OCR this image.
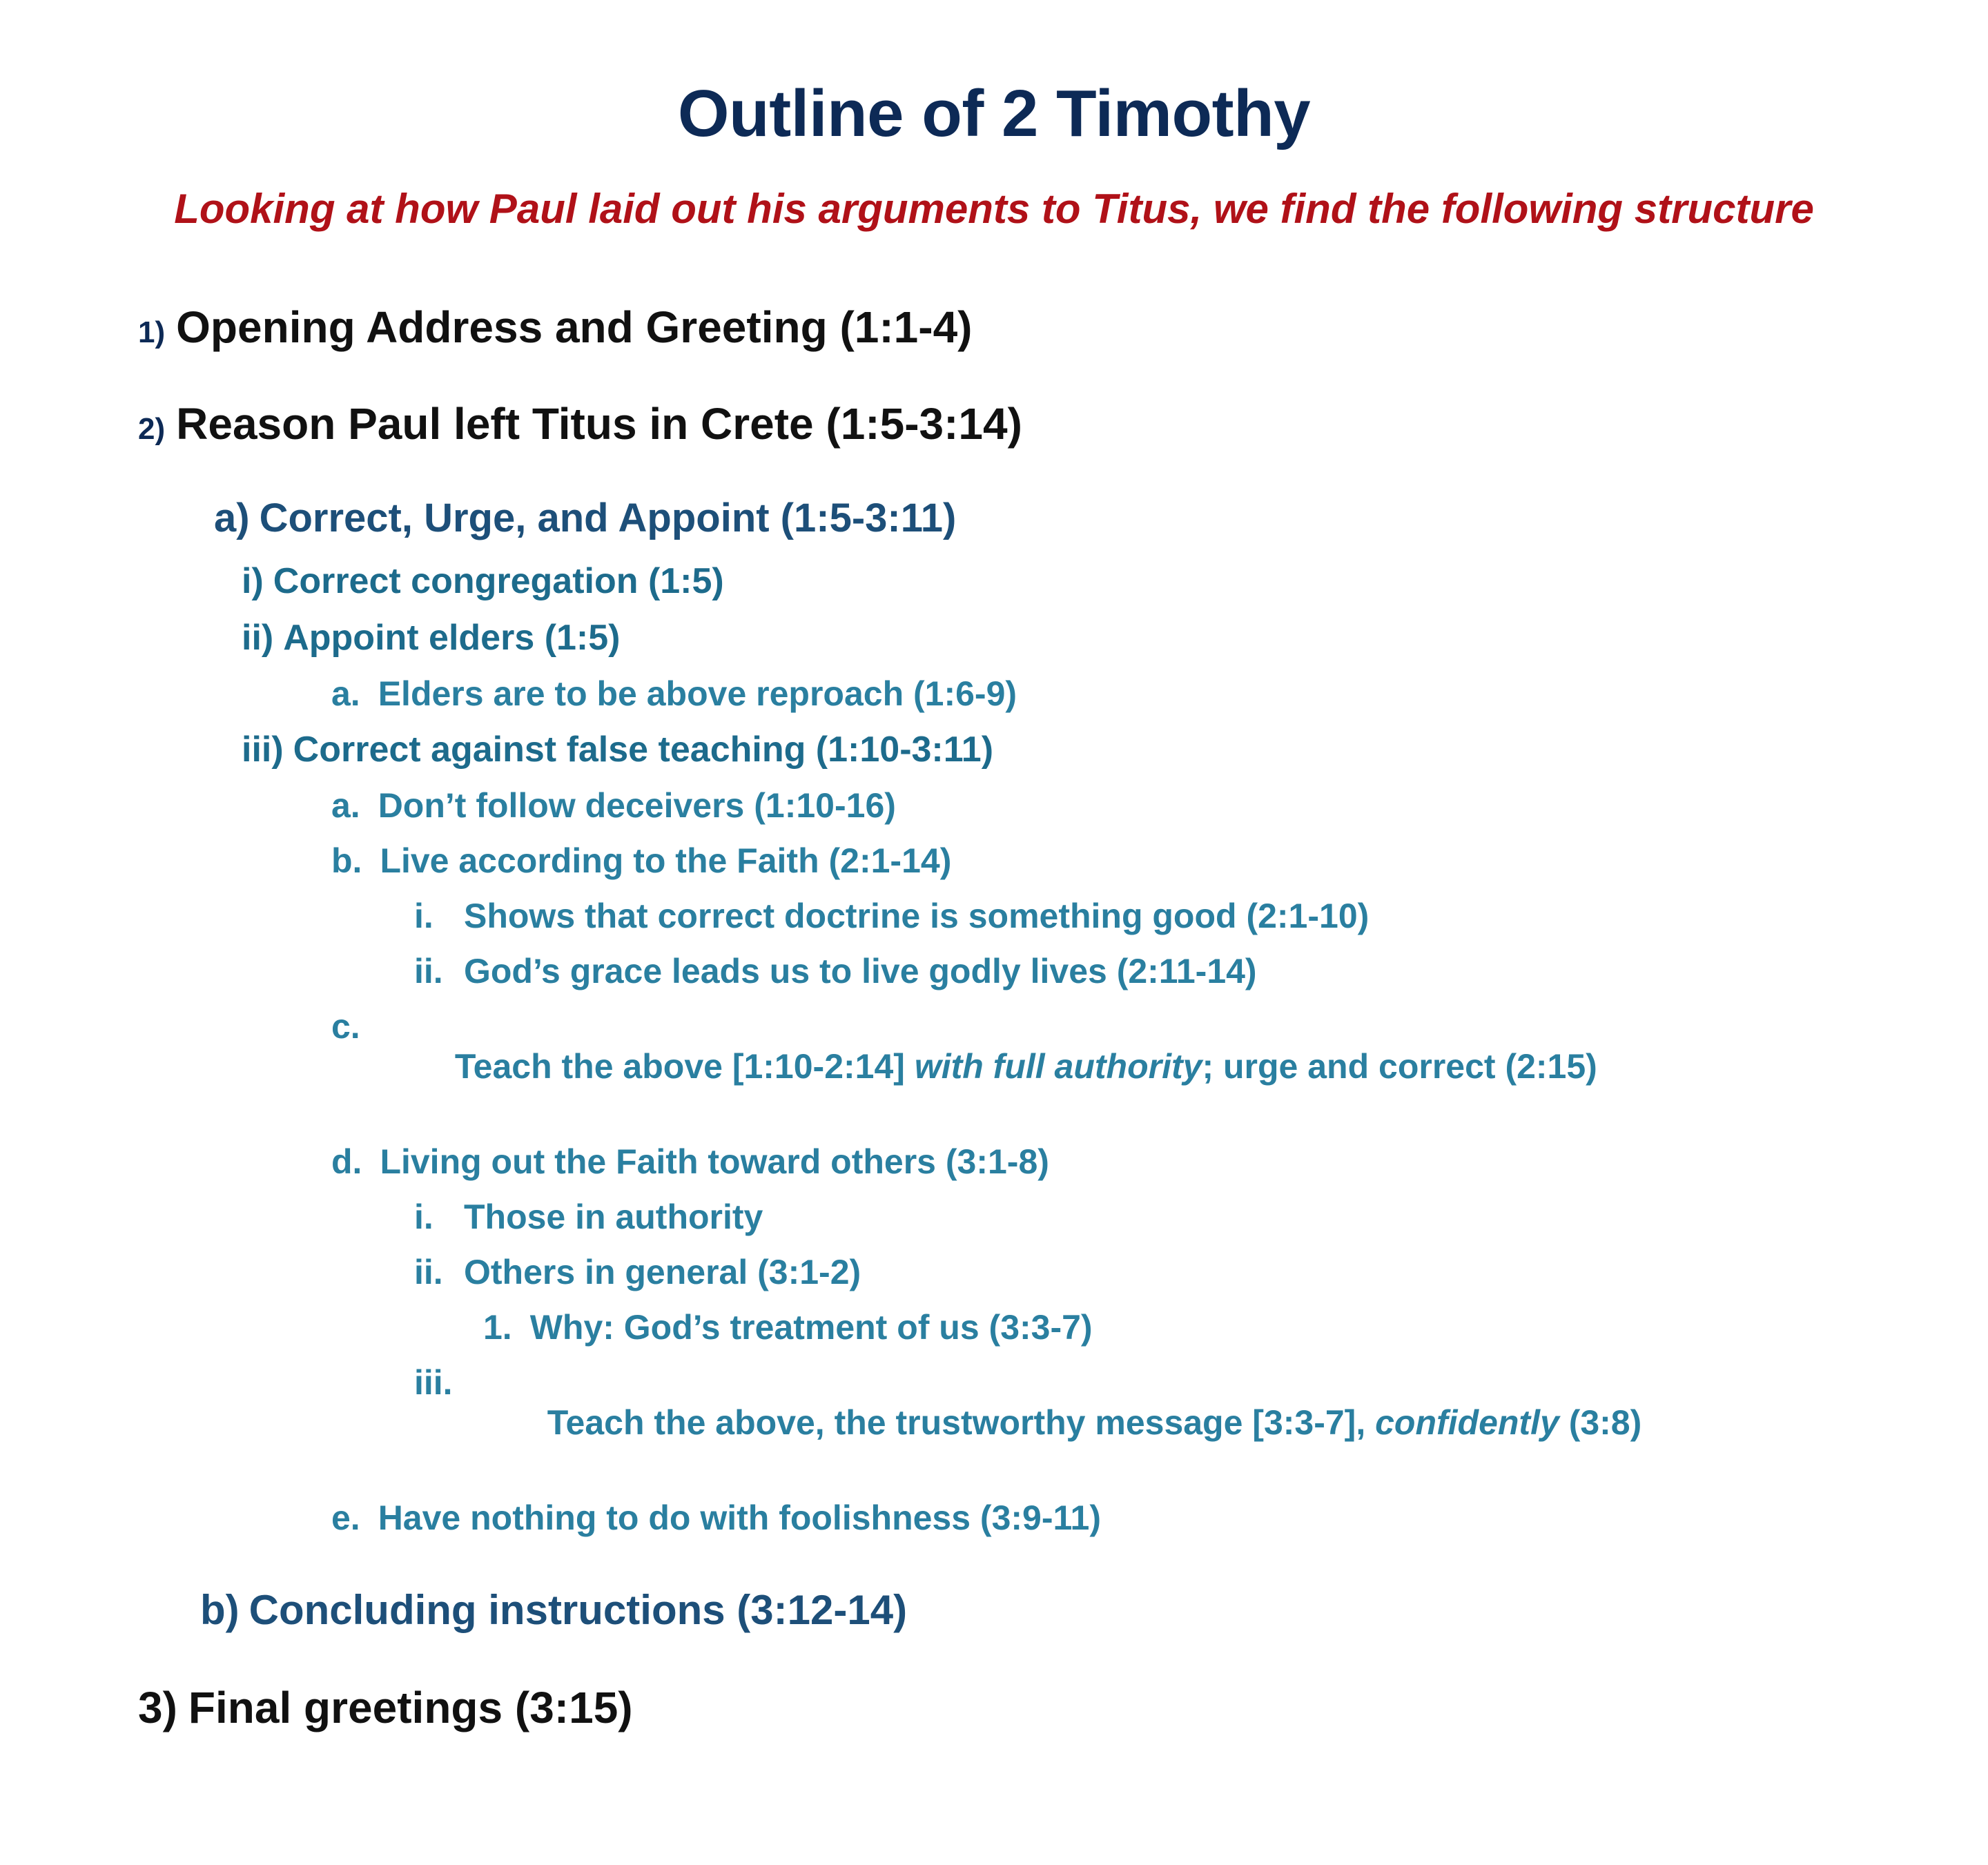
Outline of 2 Timothy
Looking at how Paul laid out his arguments to Titus, we find the following structure
1) Opening Address and Greeting (1:1-4)
2) Reason Paul left Titus in Crete (1:5-3:14)
a) Correct, Urge, and Appoint (1:5-3:11)
i) Correct congregation (1:5)
ii) Appoint elders (1:5)
a. Elders are to be above reproach (1:6-9)
iii) Correct against false teaching (1:10-3:11)
a. Don’t follow deceivers (1:10-16)
b. Live according to the Faith (2:1-14)
i. Shows that correct doctrine is something good (2:1-10)
ii. God’s grace leads us to live godly lives (2:11-14)
c.

Teach the above [1:10-2:14] with full authority; urge and correct (2:15)

d. Living out the Faith toward others (3:1-8)
i. Those in authority
ii. Others in general (3:1-2)
1. Why: God’s treatment of us (3:3-7)
iii.

Teach the above, the trustworthy message [3:3-7], confidently (3:8)

e. Have nothing to do with foolishness (3:9-11)
b) Concluding instructions (3:12-14)
3) Final greetings (3:15)
